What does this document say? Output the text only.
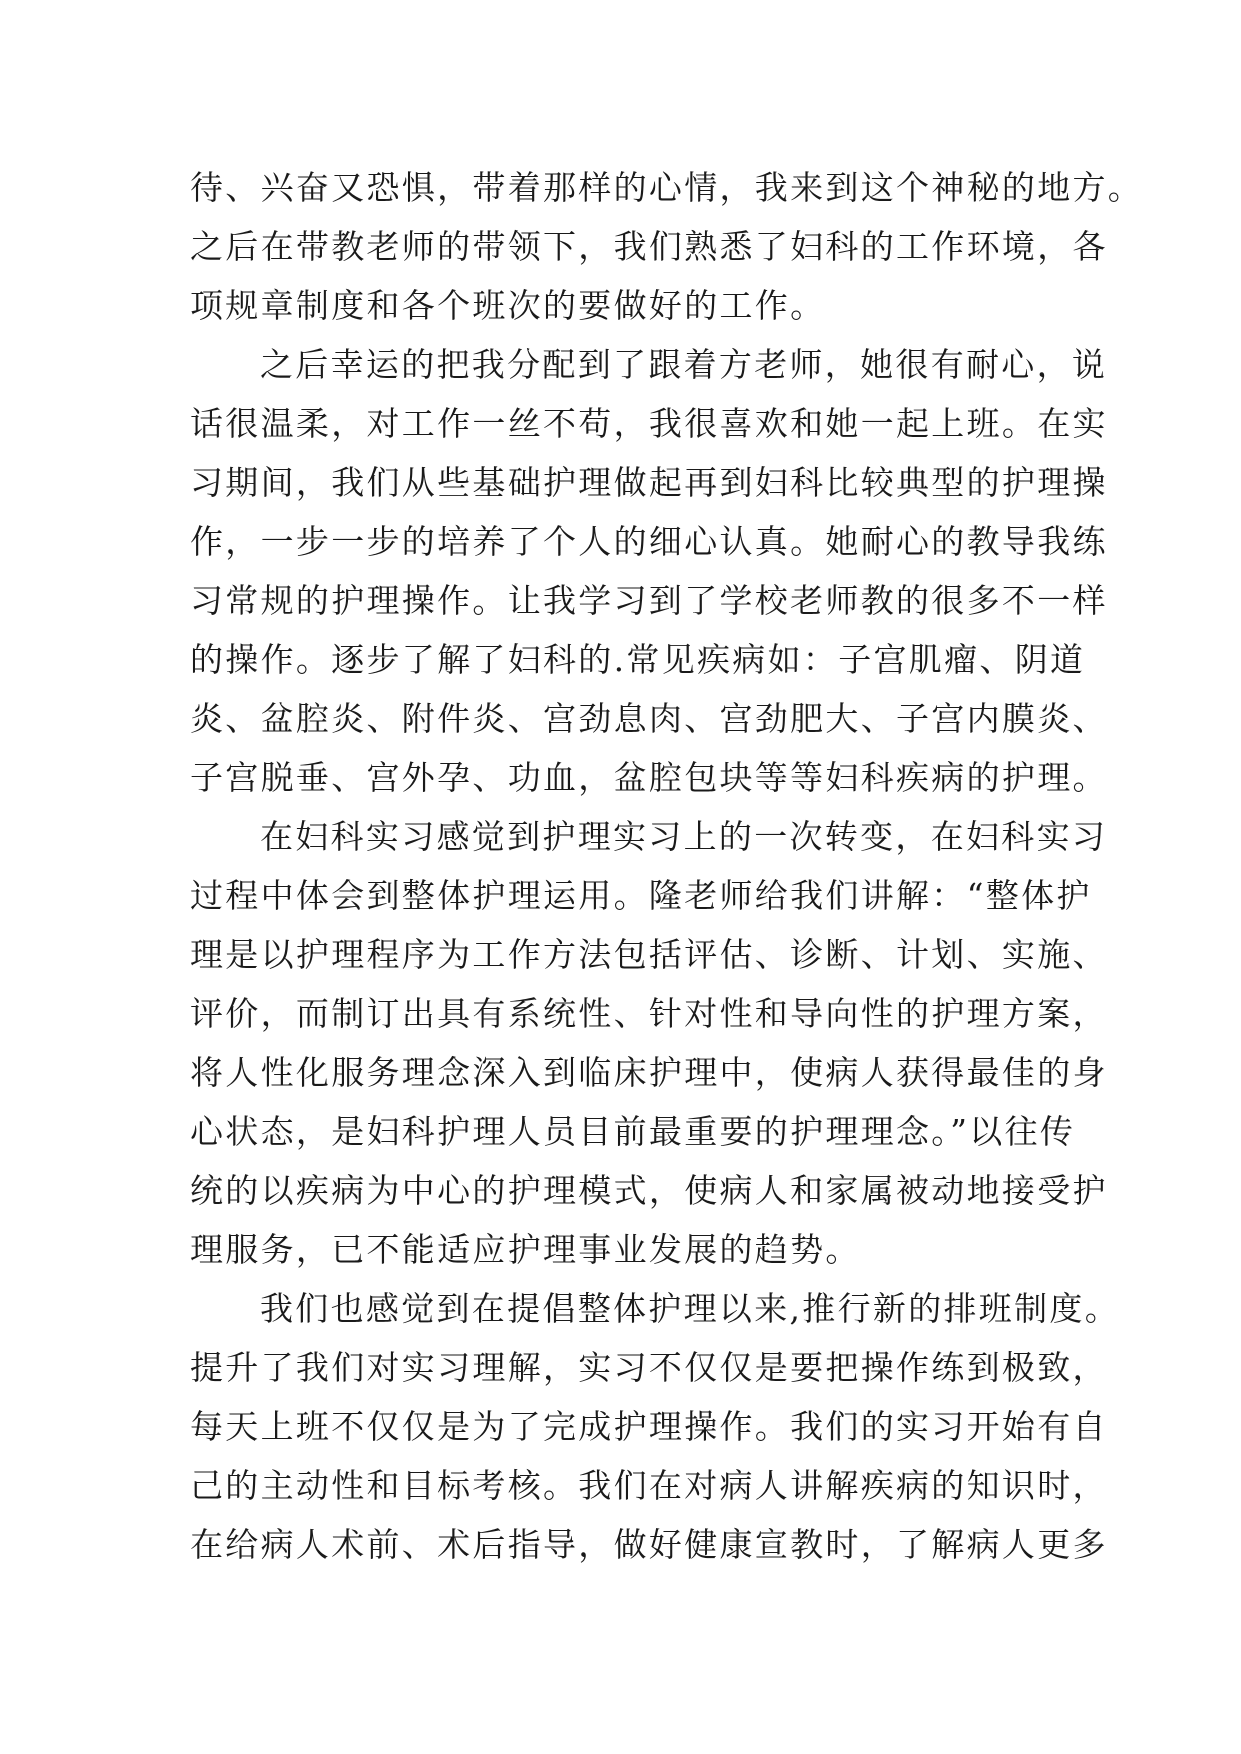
待、兴奋又恐惧，带着那样的心情，我来到这个神秘的地方。
之后在带教老师的带领下，我们熟悉了妇科的工作环境，各
项规章制度和各个班次的要做好的工作。
之后幸运的把我分配到了跟着方老师，她很有耐心，说
话很温柔，对工作一丝不苟，我很喜欢和她一起上班。在实
习期间，我们从些基础护理做起再到妇科比较典型的护理操
作，一步一步的培养了个人的细心认真。她耐心的教导我练
习常规的护理操作。让我学习到了学校老师教的很多不一样
的操作。逐步了解了妇科的.常见疾病如：子宫肌瘤、阴道
炎、盆腔炎、附件炎、宫劲息肉、宫劲肥大、子宫内膜炎、
子宫脱垂、宫外孕、功血，盆腔包块等等妇科疾病的护理。
在妇科实习感觉到护理实习上的一次转变，在妇科实习
过程中体会到整体护理运用。隆老师给我们讲解：“整体护
理是以护理程序为工作方法包括评估、诊断、计划、实施、
评价，而制订出具有系统性、针对性和导向性的护理方案，
将人性化服务理念深入到临床护理中，使病人获得最佳的身
心状态，是妇科护理人员目前最重要的护理理念。”以往传
统的以疾病为中心的护理模式，使病人和家属被动地接受护
理服务，已不能适应护理事业发展的趋势。
我们也感觉到在提倡整体护理以来,推行新的排班制度。
提升了我们对实习理解，实习不仅仅是要把操作练到极致，
每天上班不仅仅是为了完成护理操作。我们的实习开始有自
己的主动性和目标考核。我们在对病人讲解疾病的知识时，
在给病人术前、术后指导，做好健康宣教时，了解病人更多
